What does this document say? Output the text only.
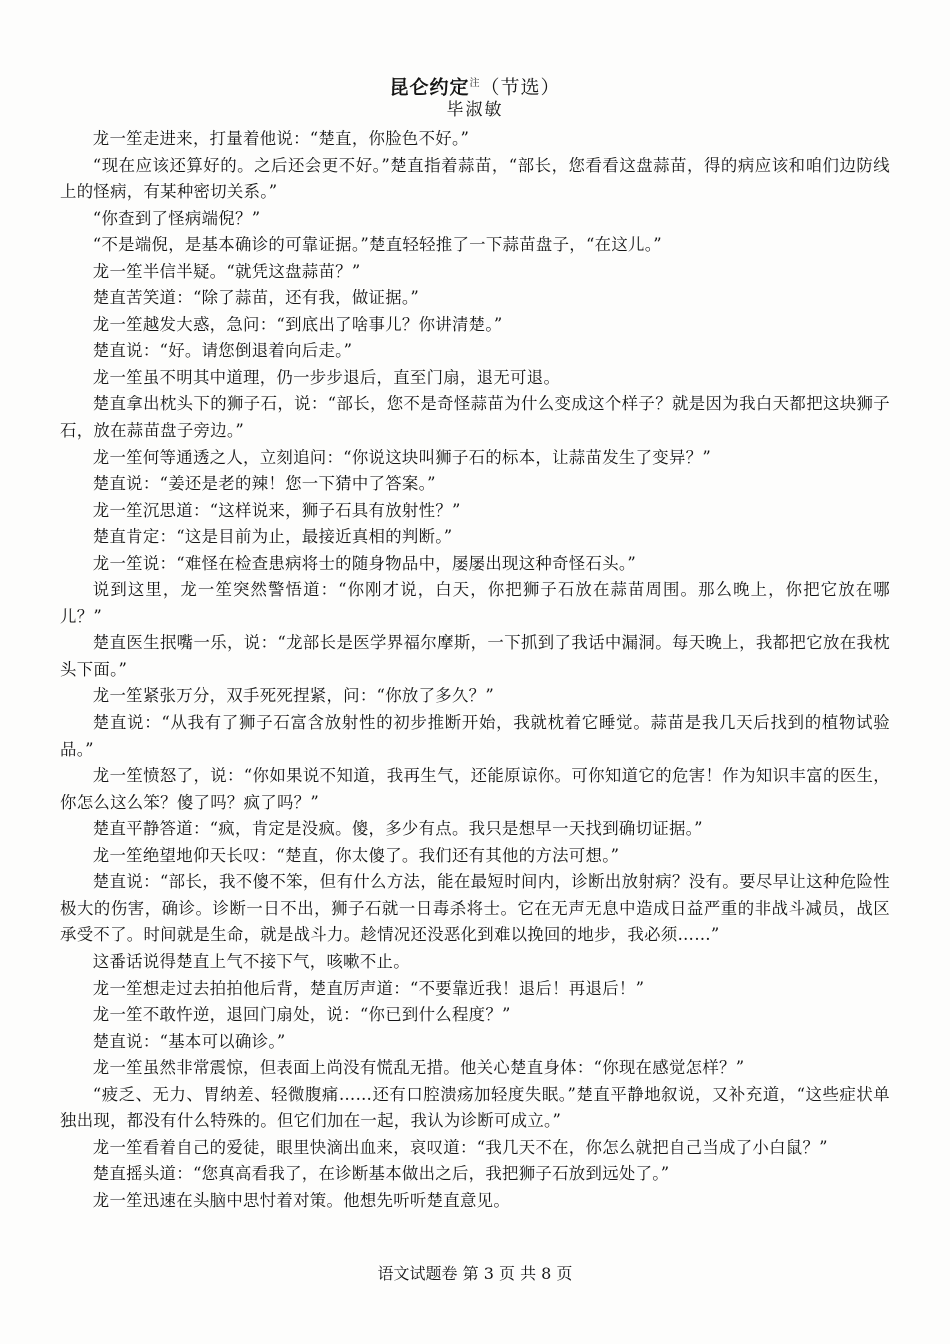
昆仑约定$^注$（节选）
毕淑敏

龙一笙走进来，打量着他说：“楚直，你脸色不好。”

“现在应该还算好的。之后还会更不好。”楚直指着蒜苗，“部长，您看看这盘蒜苗，得的病应该和咱们边防线上的怪病，有某种密切关系。”

“你查到了怪病端倪？”

“不是端倪，是基本确诊的可靠证据。”楚直轻轻推了一下蒜苗盘子，“在这儿。”

龙一笙半信半疑。“就凭这盘蒜苗？”

楚直苦笑道：“除了蒜苗，还有我，做证据。”

龙一笙越发大惑，急问：“到底出了啥事儿？你讲清楚。”

楚直说：“好。请您倒退着向后走。”

龙一笙虽不明其中道理，仍一步步退后，直至门扇，退无可退。

楚直拿出枕头下的狮子石，说：“部长，您不是奇怪蒜苗为什么变成这个样子？就是因为我白天都把这块狮子石，放在蒜苗盘子旁边。”

龙一笙何等通透之人，立刻追问：“你说这块叫狮子石的标本，让蒜苗发生了变异？”

楚直说：“姜还是老的辣！您一下猜中了答案。”

龙一笙沉思道：“这样说来，狮子石具有放射性？”

楚直肯定：“这是目前为止，最接近真相的判断。”

龙一笙说：“难怪在检查患病将士的随身物品中，屡屡出现这种奇怪石头。”

说到这里，龙一笙突然警悟道：“你刚才说，白天，你把狮子石放在蒜苗周围。那么晚上，你把它放在哪儿？”

楚直医生抿嘴一乐，说：“龙部长是医学界福尔摩斯，一下抓到了我话中漏洞。每天晚上，我都把它放在我枕头下面。”

龙一笙紧张万分，双手死死捏紧，问：“你放了多久？”

楚直说：“从我有了狮子石富含放射性的初步推断开始，我就枕着它睡觉。蒜苗是我几天后找到的植物试验品。”

龙一笙愤怒了，说：“你如果说不知道，我再生气，还能原谅你。可你知道它的危害！作为知识丰富的医生，你怎么这么笨？傻了吗？疯了吗？”

楚直平静答道：“疯，肯定是没疯。傻，多少有点。我只是想早一天找到确切证据。”

龙一笙绝望地仰天长叹：“楚直，你太傻了。我们还有其他的方法可想。”

楚直说：“部长，我不傻不笨，但有什么方法，能在最短时间内，诊断出放射病？没有。要尽早让这种危险性极大的伤害，确诊。诊断一日不出，狮子石就一日毒杀将士。它在无声无息中造成日益严重的非战斗减员，战区承受不了。时间就是生命，就是战斗力。趁情况还没恶化到难以挽回的地步，我必须……”

这番话说得楚直上气不接下气，咳嗽不止。

龙一笙想走过去拍拍他后背，楚直厉声道：“不要靠近我！退后！再退后！”

龙一笙不敢忤逆，退回门扇处，说：“你已到什么程度？”

楚直说：“基本可以确诊。”

龙一笙虽然非常震惊，但表面上尚没有慌乱无措。他关心楚直身体：“你现在感觉怎样？”

“疲乏、无力、胃纳差、轻微腹痛……还有口腔溃疡加轻度失眠。”楚直平静地叙说，又补充道，“这些症状单独出现，都没有什么特殊的。但它们加在一起，我认为诊断可成立。”

龙一笙看着自己的爱徒，眼里快滴出血来，哀叹道：“我几天不在，你怎么就把自己当成了小白鼠？”

楚直摇头道：“您真高看我了，在诊断基本做出之后，我把狮子石放到远处了。”

龙一笙迅速在头脑中思忖着对策。他想先听听楚直意见。

语文试题卷 第 3 页 共 8 页
